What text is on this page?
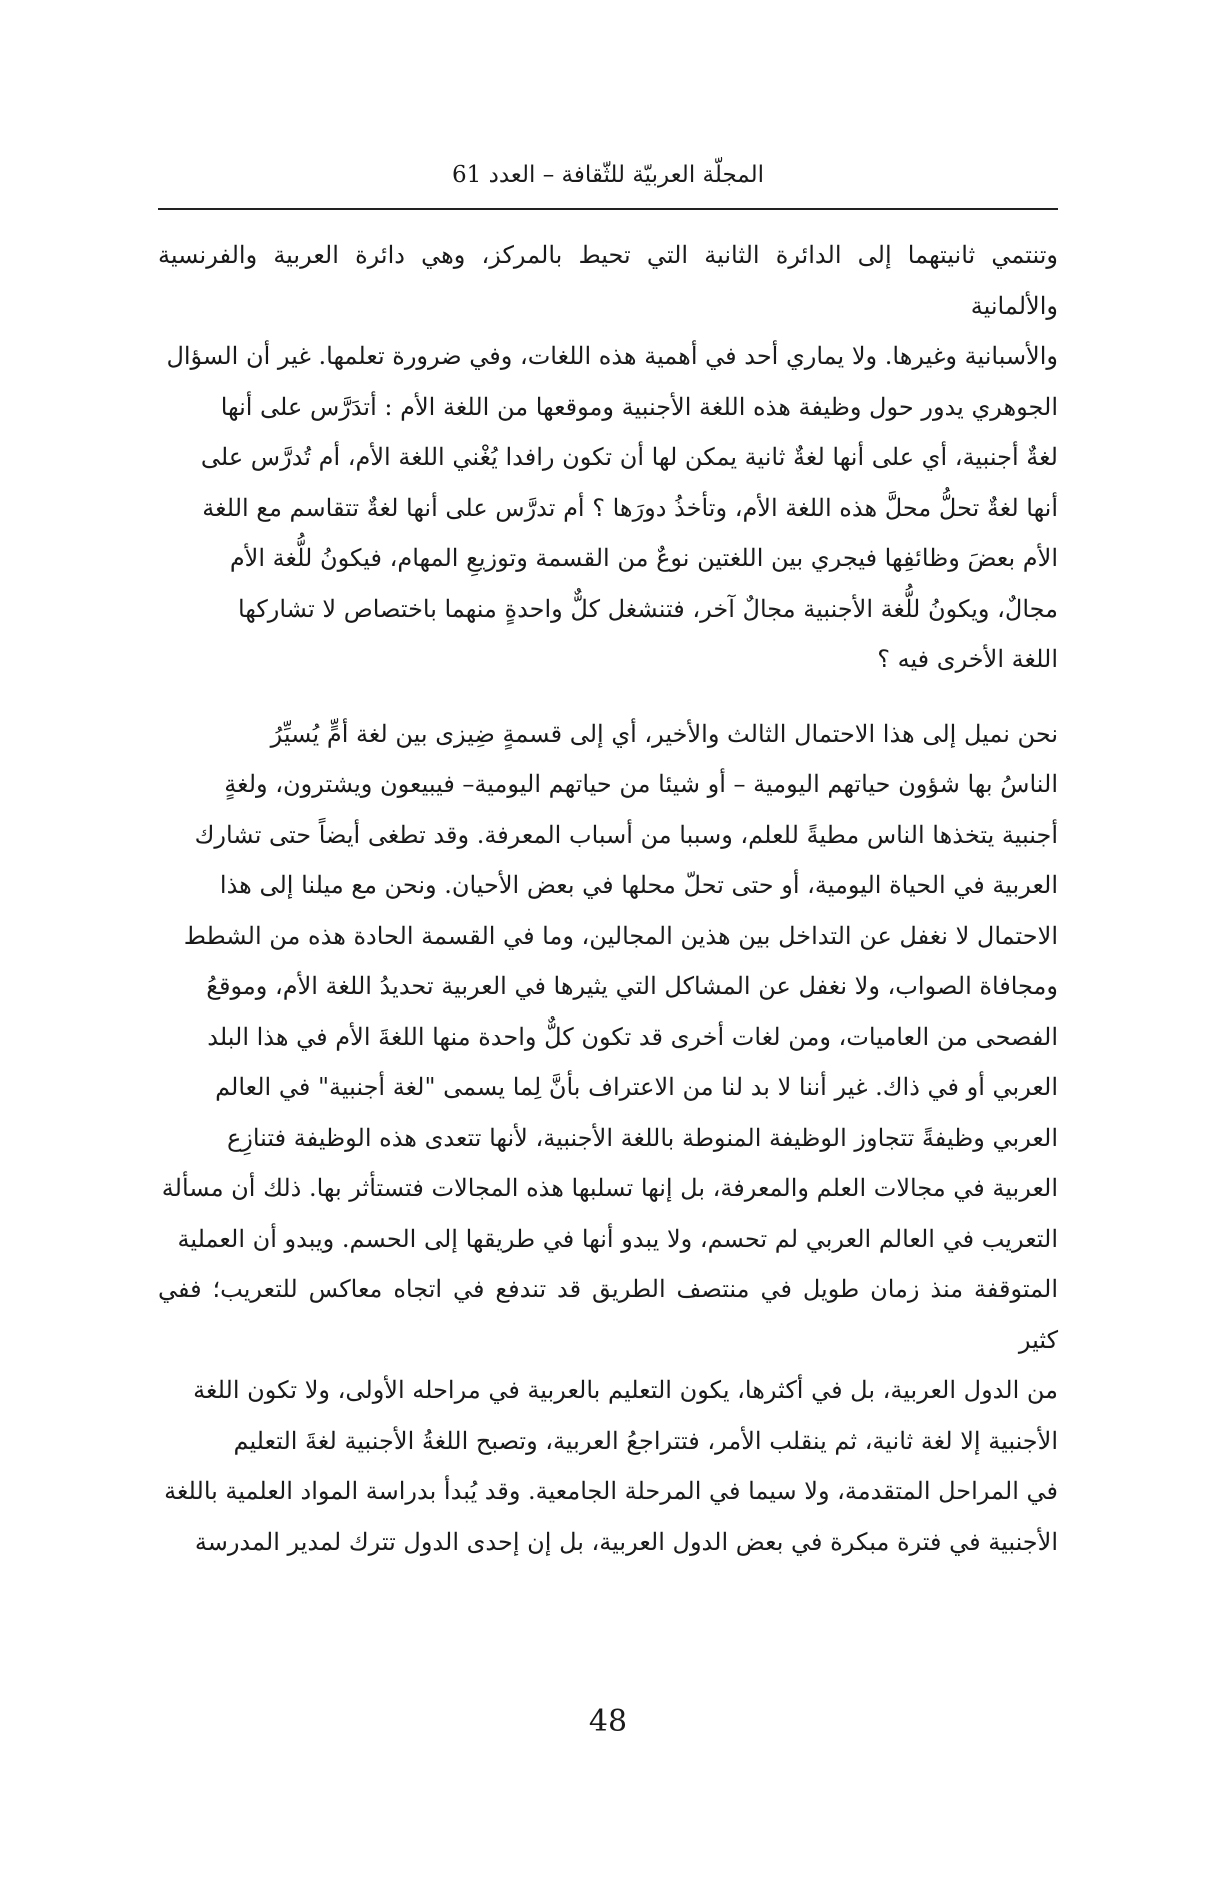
المجلّة العربيّة للثّقافة – العدد 61

وتنتمي ثانيتهما إلى الدائرة الثانية التي تحيط بالمركز، وهي دائرة العربية والفرنسية والألمانية
والأسبانية وغيرها. ولا يماري أحد في أهمية هذه اللغات، وفي ضرورة تعلمها. غير أن السؤال
الجوهري يدور حول وظيفة هذه اللغة الأجنبية وموقعها من اللغة الأم : أتدَرَّس على أنها
لغةٌ أجنبية، أي على أنها لغةٌ ثانية يمكن لها أن تكون رافدا يُغْني اللغة الأم، أم تُدرَّس على
أنها لغةٌ تحلُّ محلَّ هذه اللغة الأم، وتأخذُ دورَها ؟ أم تدرَّس على أنها لغةٌ تتقاسم مع اللغة
الأم بعضَ وظائفِها فيجري بين اللغتين نوعٌ من القسمة وتوزيعِ المهام، فيكونُ للُّغة الأم
مجالٌ، ويكونُ للُّغة الأجنبية مجالٌ آخر، فتنشغل كلٌّ واحدةٍ منهما باختصاص لا تشاركها
اللغة الأخرى فيه ؟

نحن نميل إلى هذا الاحتمال الثالث والأخير، أي إلى قسمةٍ ضِيزى بين لغة أمٍّ يُسيِّرُ
الناسُ بها شؤون حياتهم اليومية – أو شيئا من حياتهم اليومية– فيبيعون ويشترون، ولغةٍ
أجنبية يتخذها الناس مطيةً للعلم، وسببا من أسباب المعرفة. وقد تطغى أيضاً حتى تشارك
العربية في الحياة اليومية، أو حتى تحلّ محلها في بعض الأحيان. ونحن مع ميلنا إلى هذا
الاحتمال لا نغفل عن التداخل بين هذين المجالين، وما في القسمة الحادة هذه من الشطط
ومجافاة الصواب، ولا نغفل عن المشاكل التي يثيرها في العربية تحديدُ اللغة الأم، وموقعُ
الفصحى من العاميات، ومن لغات أخرى قد تكون كلٌّ واحدة منها اللغةَ الأم في هذا البلد
العربي أو في ذاك. غير أننا لا بد لنا من الاعتراف بأنَّ لِما يسمى "لغة أجنبية" في العالم
العربي وظيفةً تتجاوز الوظيفة المنوطة باللغة الأجنبية، لأنها تتعدى هذه الوظيفة فتنازِع
العربية في مجالات العلم والمعرفة، بل إنها تسلبها هذه المجالات فتستأثر بها. ذلك أن مسألة
التعريب في العالم العربي لم تحسم، ولا يبدو أنها في طريقها إلى الحسم. ويبدو أن العملية
المتوقفة منذ زمان طويل في منتصف الطريق قد تندفع في اتجاه معاكس للتعريب؛ ففي كثير
من الدول العربية، بل في أكثرها، يكون التعليم بالعربية في مراحله الأولى، ولا تكون اللغة
الأجنبية إلا لغة ثانية، ثم ينقلب الأمر، فتتراجعُ العربية، وتصبح اللغةُ الأجنبية لغةَ التعليم
في المراحل المتقدمة، ولا سيما في المرحلة الجامعية. وقد يُبدأ بدراسة المواد العلمية باللغة
الأجنبية في فترة مبكرة في بعض الدول العربية، بل إن إحدى الدول تترك لمدير المدرسة

48
